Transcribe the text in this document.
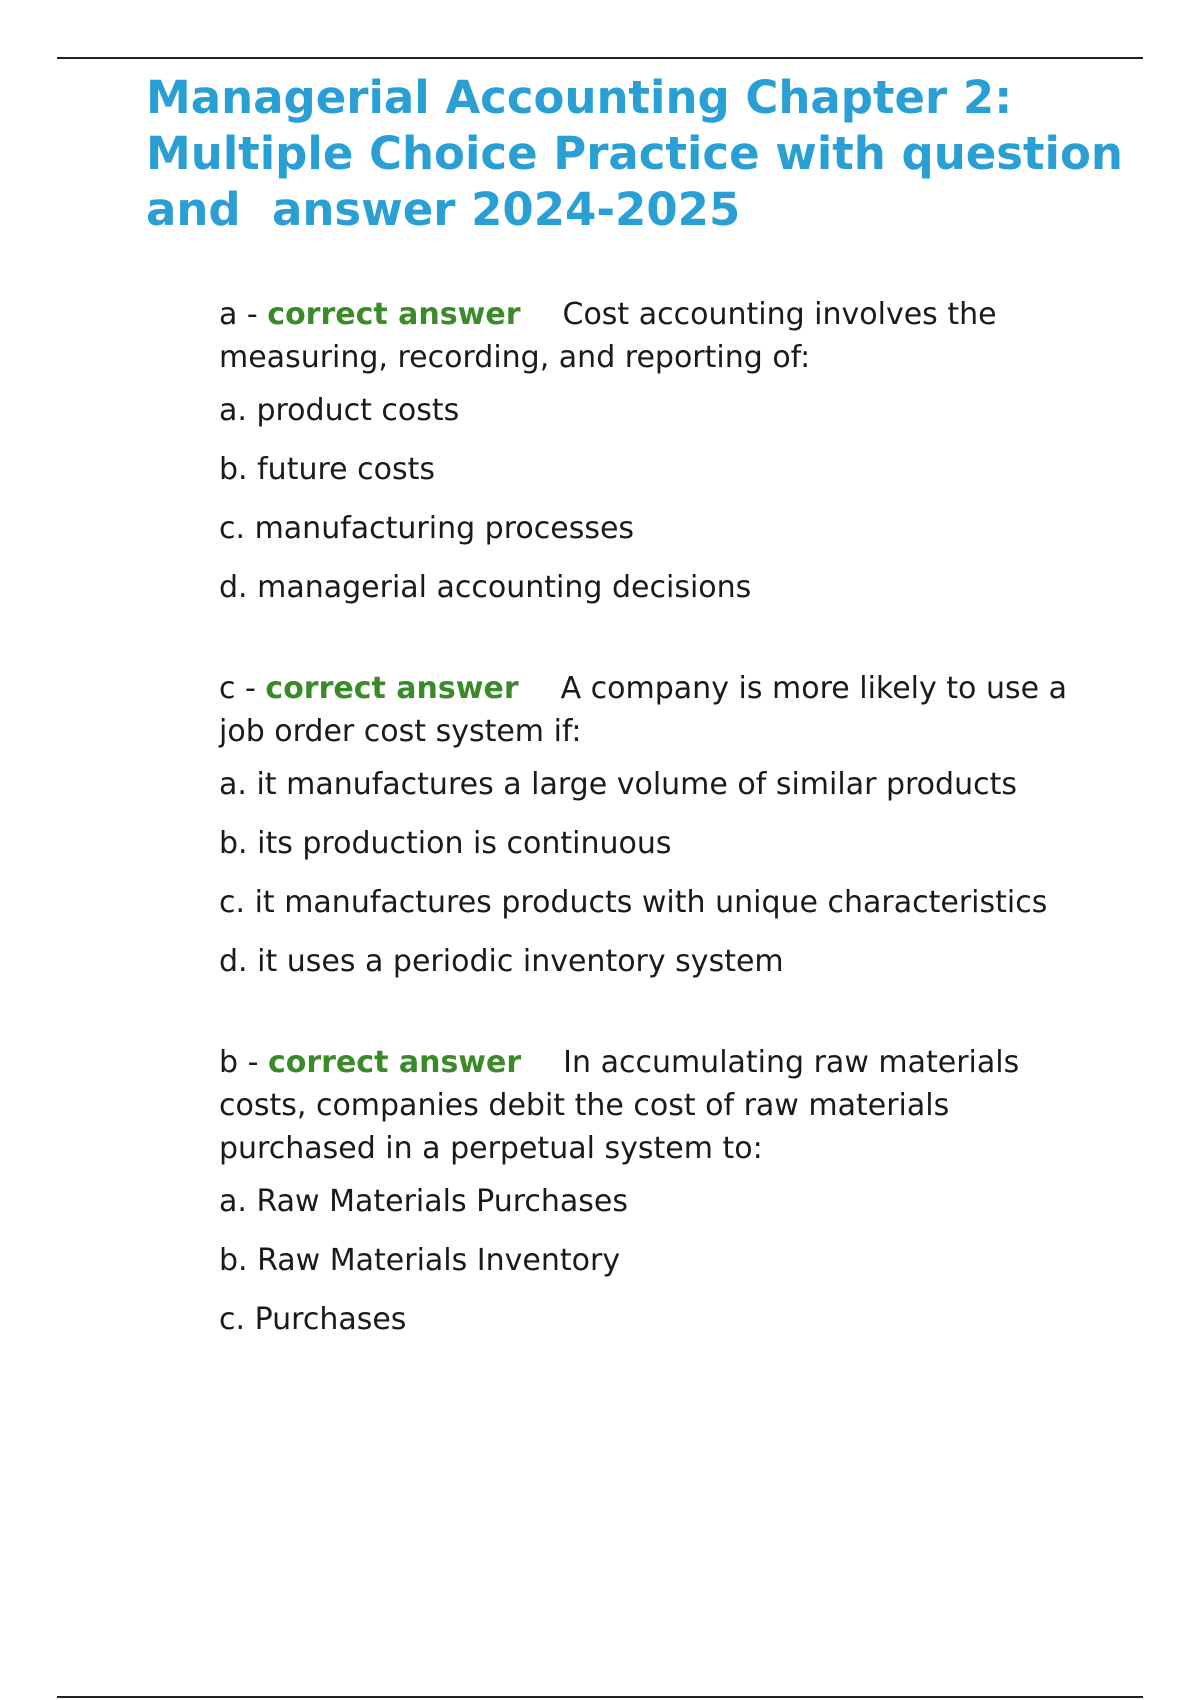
Managerial Accounting Chapter 2: Multiple Choice Practice with question and  answer 2024-2025
a - correct answer Cost accounting involves the measuring, recording, and reporting of:
a. product costs
b. future costs
c. manufacturing processes
d. managerial accounting decisions
c - correct answer A company is more likely to use a job order cost system if:
a. it manufactures a large volume of similar products
b. its production is continuous
c. it manufactures products with unique characteristics
d. it uses a periodic inventory system
b - correct answer In accumulating raw materials costs, companies debit the cost of raw materials purchased in a perpetual system to:
a. Raw Materials Purchases
b. Raw Materials Inventory
c. Purchases
